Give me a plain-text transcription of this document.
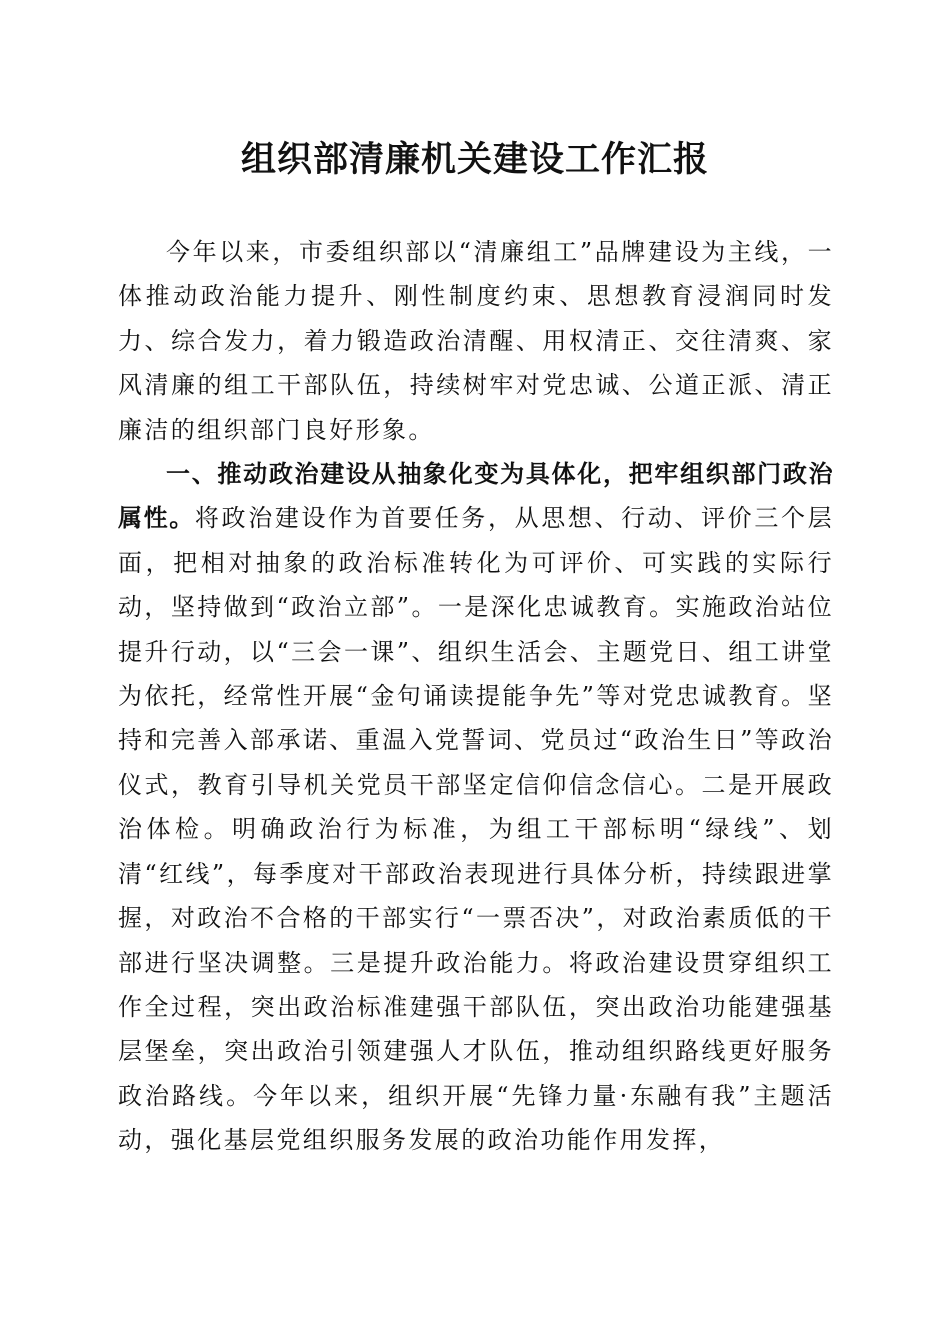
组织部清廉机关建设工作汇报

今年以来，市委组织部以“清廉组工”品牌建设为主线，一体推动政治能力提升、刚性制度约束、思想教育浸润同时发力、综合发力，着力锻造政治清醒、用权清正、交往清爽、家风清廉的组工干部队伍，持续树牢对党忠诚、公道正派、清正廉洁的组织部门良好形象。

一、推动政治建设从抽象化变为具体化，把牢组织部门政治属性。将政治建设作为首要任务，从思想、行动、评价三个层面，把相对抽象的政治标准转化为可评价、可实践的实际行动，坚持做到“政治立部”。一是深化忠诚教育。实施政治站位提升行动，以“三会一课”、组织生活会、主题党日、组工讲堂为依托，经常性开展“金句诵读提能争先”等对党忠诚教育。坚持和完善入部承诺、重温入党誓词、党员过“政治生日”等政治仪式，教育引导机关党员干部坚定信仰信念信心。二是开展政治体检。明确政治行为标准，为组工干部标明“绿线”、划清“红线”，每季度对干部政治表现进行具体分析，持续跟进掌握，对政治不合格的干部实行“一票否决”，对政治素质低的干部进行坚决调整。三是提升政治能力。将政治建设贯穿组织工作全过程，突出政治标准建强干部队伍，突出政治功能建强基层堡垒，突出政治引领建强人才队伍，推动组织路线更好服务政治路线。今年以来，组织开展“先锋力量·东融有我”主题活动，强化基层党组织服务发展的政治功能作用发挥，
